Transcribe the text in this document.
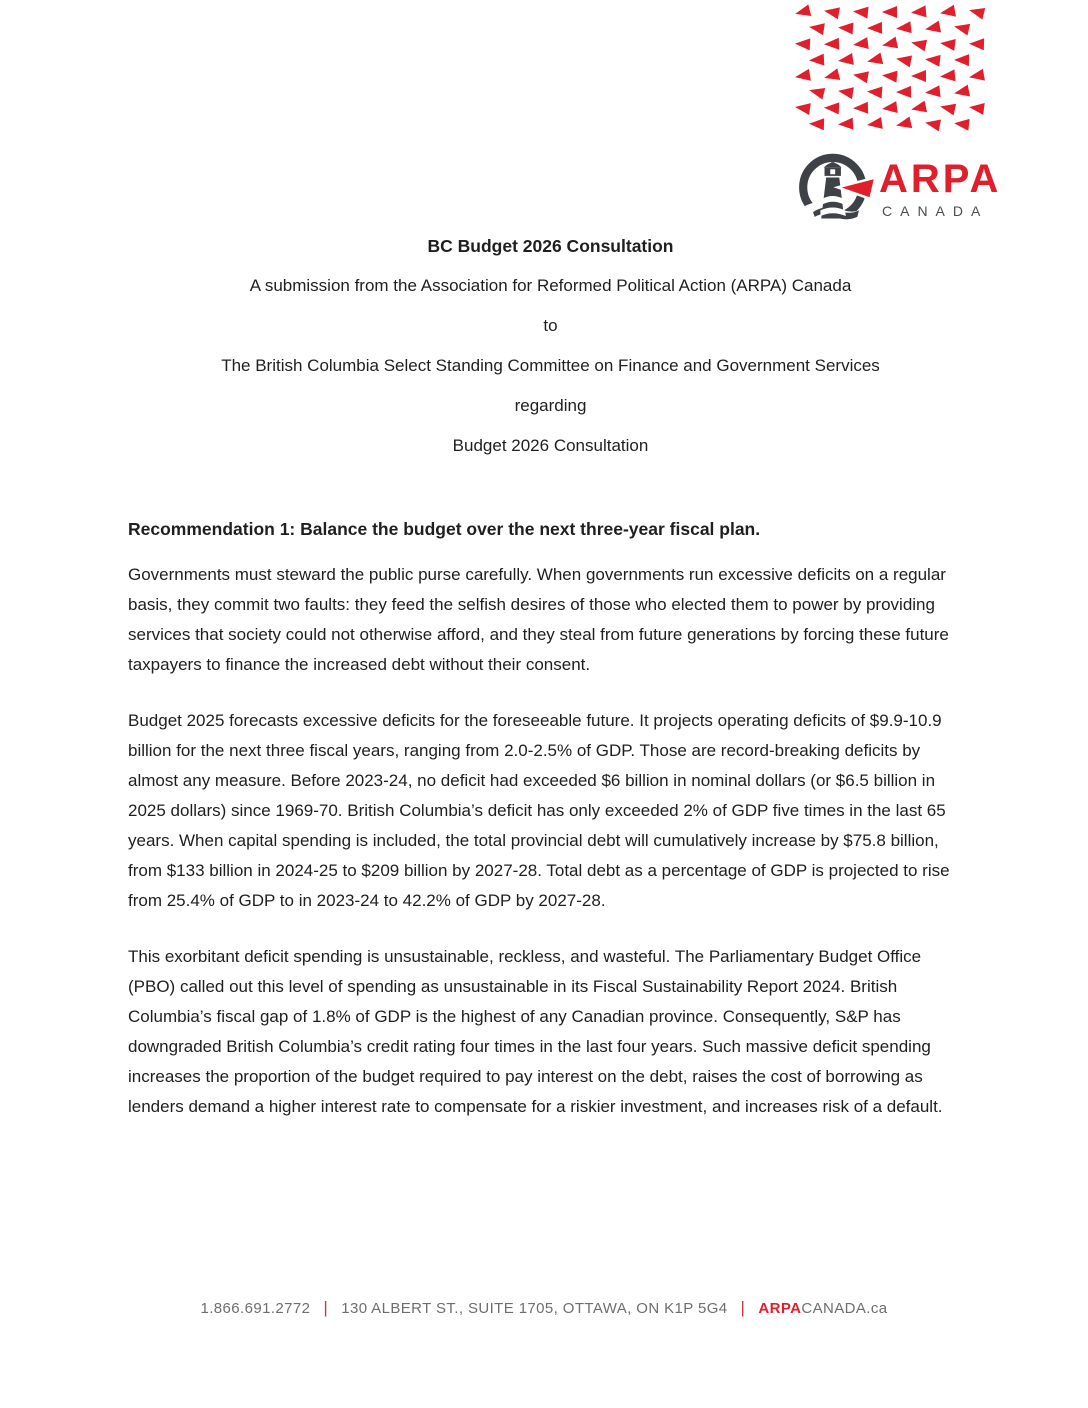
ARPA
CANADA
BC Budget 2026 Consultation
A submission from the Association for Reformed Political Action (ARPA) Canada
to
The British Columbia Select Standing Committee on Finance and Government Services
regarding
Budget 2026 Consultation
Recommendation 1: Balance the budget over the next three-year fiscal plan.

Governments must steward the public purse carefully. When governments run excessive deficits on a regular basis, they commit two faults: they feed the selfish desires of those who elected them to power by providing services that society could not otherwise afford, and they steal from future generations by forcing these future taxpayers to finance the increased debt without their consent.

Budget 2025 forecasts excessive deficits for the foreseeable future. It projects operating deficits of $9.9-10.9 billion for the next three fiscal years, ranging from 2.0-2.5% of GDP. Those are record-breaking deficits by almost any measure. Before 2023-24, no deficit had exceeded $6 billion in nominal dollars (or $6.5 billion in 2025 dollars) since 1969-70. British Columbia’s deficit has only exceeded 2% of GDP five times in the last 65 years. When capital spending is included, the total provincial debt will cumulatively increase by $75.8 billion, from $133 billion in 2024-25 to $209 billion by 2027-28. Total debt as a percentage of GDP is projected to rise from 25.4% of GDP to in 2023-24 to 42.2% of GDP by 2027-28.

This exorbitant deficit spending is unsustainable, reckless, and wasteful. The Parliamentary Budget Office (PBO) called out this level of spending as unsustainable in its Fiscal Sustainability Report 2024. British Columbia’s fiscal gap of 1.8% of GDP is the highest of any Canadian province. Consequently, S&P has downgraded British Columbia’s credit rating four times in the last four years. Such massive deficit spending increases the proportion of the budget required to pay interest on the debt, raises the cost of borrowing as lenders demand a higher interest rate to compensate for a riskier investment, and increases risk of a default.

1.866.691.2772 | 130 ALBERT ST., SUITE 1705, OTTAWA, ON K1P 5G4 | ARPACANADA.ca
